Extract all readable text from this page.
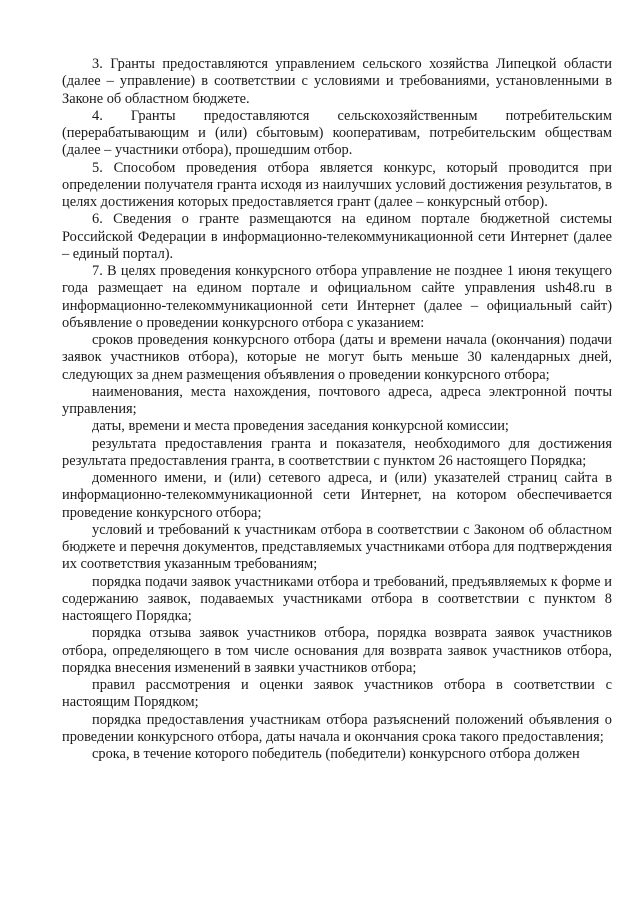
3. Гранты предоставляются управлением сельского хозяйства Липецкой области (далее – управление) в соответствии с условиями и требованиями, установленными в Законе об областном бюджете.

4. Гранты предоставляются сельскохозяйственным потребительским (перерабатывающим и (или) сбытовым) кооперативам, потребительским обществам (далее – участники отбора), прошедшим отбор.

5. Способом проведения отбора является конкурс, который проводится при определении получателя гранта исходя из наилучших условий достижения результатов, в целях достижения которых предоставляется грант (далее – конкурсный отбор).

6. Сведения о гранте размещаются на едином портале бюджетной системы Российской Федерации в информационно-телекоммуникационной сети Интернет (далее – единый портал).

7. В целях проведения конкурсного отбора управление не позднее 1 июня текущего года размещает на едином портале и официальном сайте управления ush48.ru в информационно-телекоммуникационной сети Интернет (далее – официальный сайт) объявление о проведении конкурсного отбора с указанием:

сроков проведения конкурсного отбора (даты и времени начала (окончания) подачи заявок участников отбора), которые не могут быть меньше 30 календарных дней, следующих за днем размещения объявления о проведении конкурсного отбора;

наименования, места нахождения, почтового адреса, адреса электронной почты управления;

даты, времени и места проведения заседания конкурсной комиссии;

результата предоставления гранта и показателя, необходимого для достижения результата предоставления гранта, в соответствии с пунктом 26 настоящего Порядка;

доменного имени, и (или) сетевого адреса, и (или) указателей страниц сайта в информационно-телекоммуникационной сети Интернет, на котором обеспечивается проведение конкурсного отбора;

условий и требований к участникам отбора в соответствии с Законом об областном бюджете и перечня документов, представляемых участниками отбора для подтверждения их соответствия указанным требованиям;

порядка подачи заявок участниками отбора и требований, предъявляемых к форме и содержанию заявок, подаваемых участниками отбора в соответствии с пунктом 8 настоящего Порядка;

порядка отзыва заявок участников отбора, порядка возврата заявок участников отбора, определяющего в том числе основания для возврата заявок участников отбора, порядка внесения изменений в заявки участников отбора;

правил рассмотрения и оценки заявок участников отбора в соответствии с настоящим Порядком;

порядка предоставления участникам отбора разъяснений положений объявления о проведении конкурсного отбора, даты начала и окончания срока такого предоставления;

срока, в течение которого победитель (победители) конкурсного отбора должен
